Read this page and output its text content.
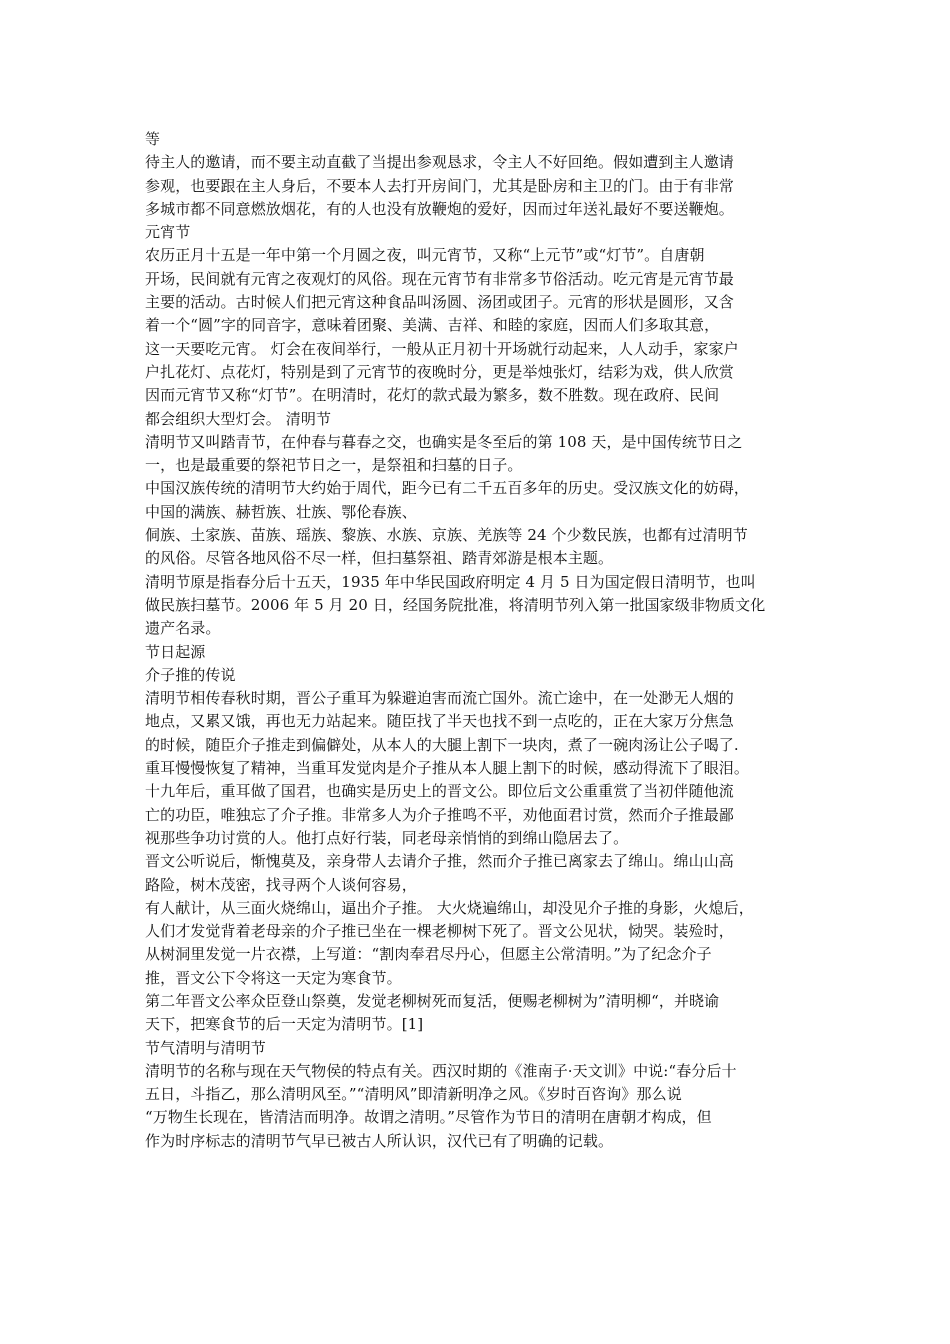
等
待主人的邀请，而不要主动直截了当提出参观恳求，令主人不好回绝。假如遭到主人邀请
参观，也要跟在主人身后，不要本人去打开房间门，尤其是卧房和主卫的门。由于有非常
多城市都不同意燃放烟花，有的人也没有放鞭炮的爱好，因而过年送礼最好不要送鞭炮。
元宵节
农历正月十五是一年中第一个月圆之夜，叫元宵节，又称“上元节”或“灯节”。自唐朝
开场，民间就有元宵之夜观灯的风俗。现在元宵节有非常多节俗活动。吃元宵是元宵节最
主要的活动。古时候人们把元宵这种食品叫汤圆、汤团或团子。元宵的形状是圆形，又含
着一个“圆”字的同音字，意味着团聚、美满、吉祥、和睦的家庭，因而人们多取其意，
这一天要吃元宵。 灯会在夜间举行，一般从正月初十开场就行动起来，人人动手，家家户
户扎花灯、点花灯，特别是到了元宵节的夜晚时分，更是举烛张灯，结彩为戏，供人欣赏
因而元宵节又称“灯节”。在明清时，花灯的款式最为繁多，数不胜数。现在政府、民间
都会组织大型灯会。 清明节
清明节又叫踏青节，在仲春与暮春之交，也确实是冬至后的第 108 天，是中国传统节日之
一，也是最重要的祭祀节日之一，是祭祖和扫墓的日子。
中国汉族传统的清明节大约始于周代，距今已有二千五百多年的历史。受汉族文化的妨碍，
中国的满族、赫哲族、壮族、鄂伦春族、
侗族、土家族、苗族、瑶族、黎族、水族、京族、羌族等 24 个少数民族，也都有过清明节
的风俗。尽管各地风俗不尽一样，但扫墓祭祖、踏青郊游是根本主题。
清明节原是指春分后十五天，1935 年中华民国政府明定 4 月 5 日为国定假日清明节，也叫
做民族扫墓节。2006 年 5 月 20 日，经国务院批准，将清明节列入第一批国家级非物质文化
遗产名录。
节日起源
介子推的传说
清明节相传春秋时期，晋公子重耳为躲避迫害而流亡国外。流亡途中，在一处渺无人烟的
地点，又累又饿，再也无力站起来。随臣找了半天也找不到一点吃的，正在大家万分焦急
的时候，随臣介子推走到偏僻处，从本人的大腿上割下一块肉，煮了一碗肉汤让公子喝了.
重耳慢慢恢复了精神，当重耳发觉肉是介子推从本人腿上割下的时候，感动得流下了眼泪。
十九年后，重耳做了国君，也确实是历史上的晋文公。即位后文公重重赏了当初伴随他流
亡的功臣，唯独忘了介子推。非常多人为介子推鸣不平，劝他面君讨赏，然而介子推最鄙
视那些争功讨赏的人。他打点好行装，同老母亲悄悄的到绵山隐居去了。
晋文公听说后，惭愧莫及，亲身带人去请介子推，然而介子推已离家去了绵山。绵山山高
路险，树木茂密，找寻两个人谈何容易，
有人献计，从三面火烧绵山，逼出介子推。 大火烧遍绵山，却没见介子推的身影，火熄后，
人们才发觉背着老母亲的介子推已坐在一棵老柳树下死了。晋文公见状，恸哭。装殓时，
从树洞里发觉一片衣襟，上写道：“割肉奉君尽丹心，但愿主公常清明。”为了纪念介子
推，晋文公下令将这一天定为寒食节。
第二年晋文公率众臣登山祭奠，发觉老柳树死而复活，便赐老柳树为”清明柳“，并晓谕
天下，把寒食节的后一天定为清明节。[1]
节气清明与清明节
清明节的名称与现在天气物侯的特点有关。西汉时期的《淮南子·天文训》中说:“春分后十
五日，斗指乙，那么清明风至。”“清明风”即清新明净之风。《岁时百咨询》那么说
“万物生长现在，皆清洁而明净。故谓之清明。”尽管作为节日的清明在唐朝才构成，但
作为时序标志的清明节气早已被古人所认识，汉代已有了明确的记载。
